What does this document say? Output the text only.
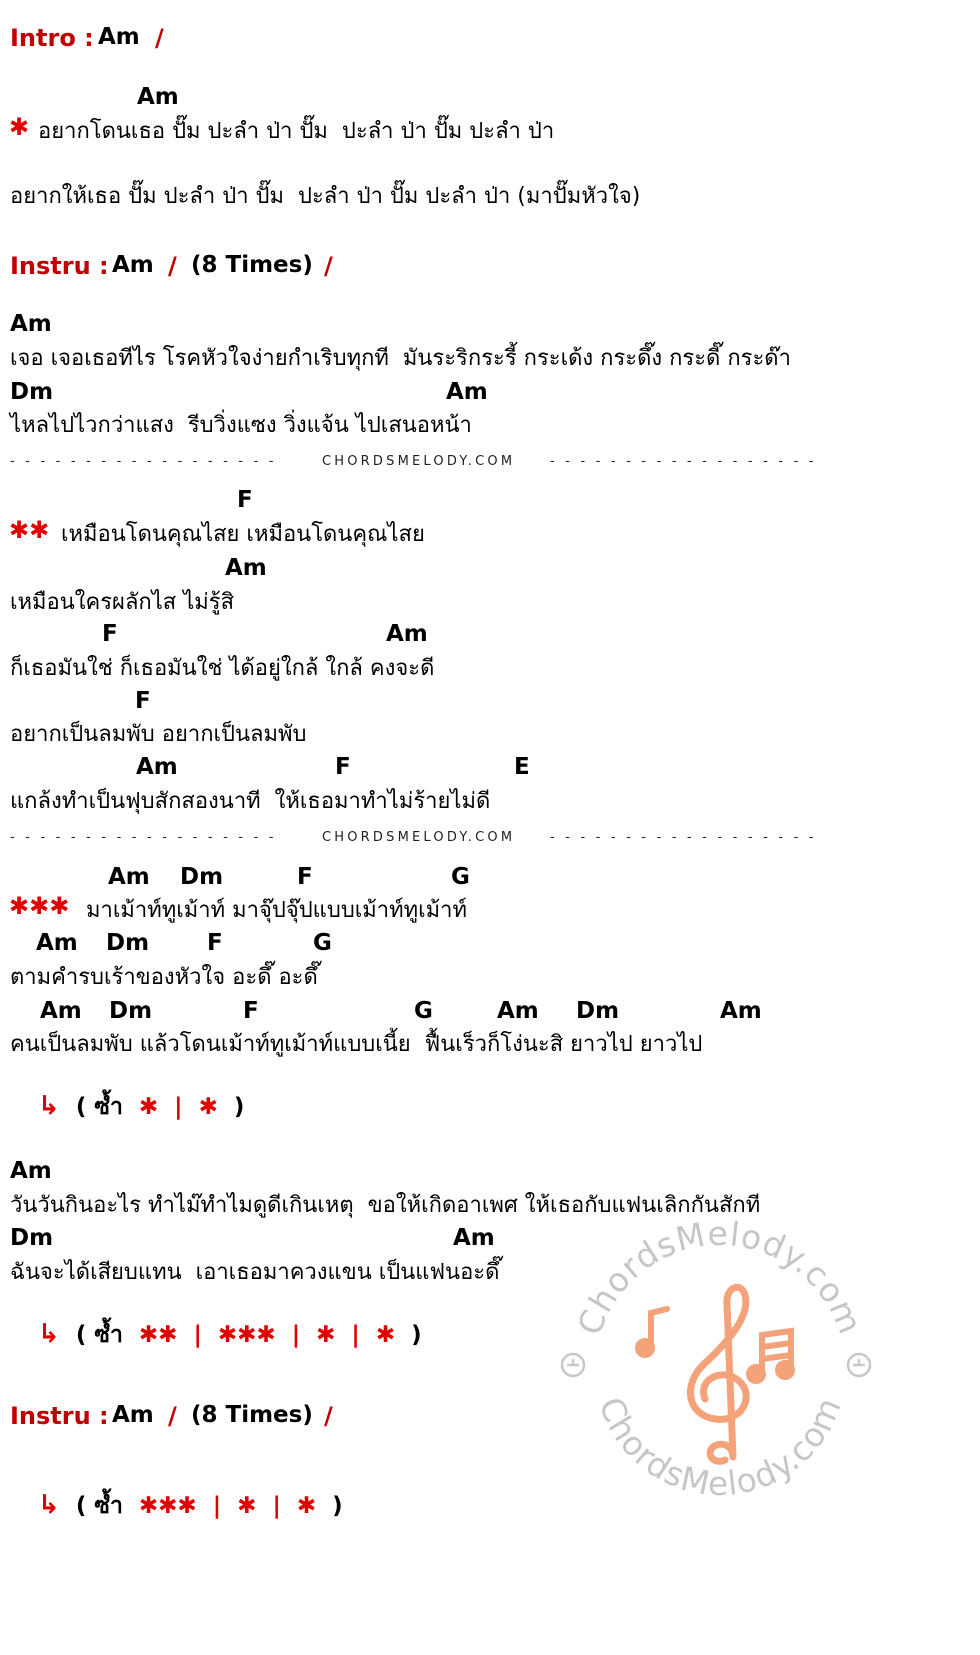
Intro : Am /
Am
✱ อยากโดนเธอ ปั๊ม ปะลำ ป่า ปั๊ม  ปะลำ ป่า ปั๊ม ปะลำ ป่า
อยากให้เธอ ปั๊ม ปะลำ ป่า ปั๊ม  ปะลำ ป่า ปั๊ม ปะลำ ป่า (มาปั๊มหัวใจ)
Instru : Am / (8 Times) /
Am
เจอ เจอเธอทีไร โรคหัวใจง่ายกำเริบทุกที  มันระริกระรี้ กระเด้ง กระดึ๊ง กระดี๊ กระด๊า
Dm	Am
ไหลไปไวกว่าแสง  รีบวิ่งแซง วิ่งแจ้น ไปเสนอหน้า
- - - - - - - - - - - - - - - - - -	CHORDSMELODY.COM	- - - - - - - - - - - - - - - - - -
F
✱✱ เหมือนโดนคุณไสย เหมือนโดนคุณไสย
Am
เหมือนใครผลักไส ไม่รู้สิ
F	Am
ก็เธอมันใช่ ก็เธอมันใช่ ได้อยู่ใกล้ ใกล้ คงจะดี
F
อยากเป็นลมพับ อยากเป็นลมพับ
Am	F	E
แกล้งทำเป็นฟุบสักสองนาที  ให้เธอมาทำไม่ร้ายไม่ดี
- - - - - - - - - - - - - - - - - -	CHORDSMELODY.COM	- - - - - - - - - - - - - - - - - -
Am Dm	F	G
✱✱✱ มาเม้าท์ทูเม้าท์ มาจุ๊ปจุ๊ปแบบเม้าท์ทูเม้าท์
Am Dm	F	G
ตามคำรบเร้าของหัวใจ อะดึ๊ อะดึ๊
Am Dm	F	G	Am Dm	Am
คนเป็นลมพับ แล้วโดนเม้าท์ทูเม้าท์แบบเนี้ย  ฟื้นเร็วก็โง่นะสิ ยาวไป ยาวไป
↳ ( ซ้ำ ✱ | ✱ )
Am
วันวันกินอะไร ทำไม๊ทำไมดูดีเกินเหตุ  ขอให้เกิดอาเพศ ให้เธอกับแฟนเลิกกันสักที
Dm	Am
ฉันจะได้เสียบแทน  เอาเธอมาควงแขน เป็นแฟนอะดึ๊
↳ ( ซ้ำ ✱✱ | ✱✱✱ | ✱ | ✱ )
Instru : Am / (8 Times) /
↳ ( ซ้ำ ✱✱✱ | ✱ | ✱ )
ChordsMelody.com
ChordsMelody.com
